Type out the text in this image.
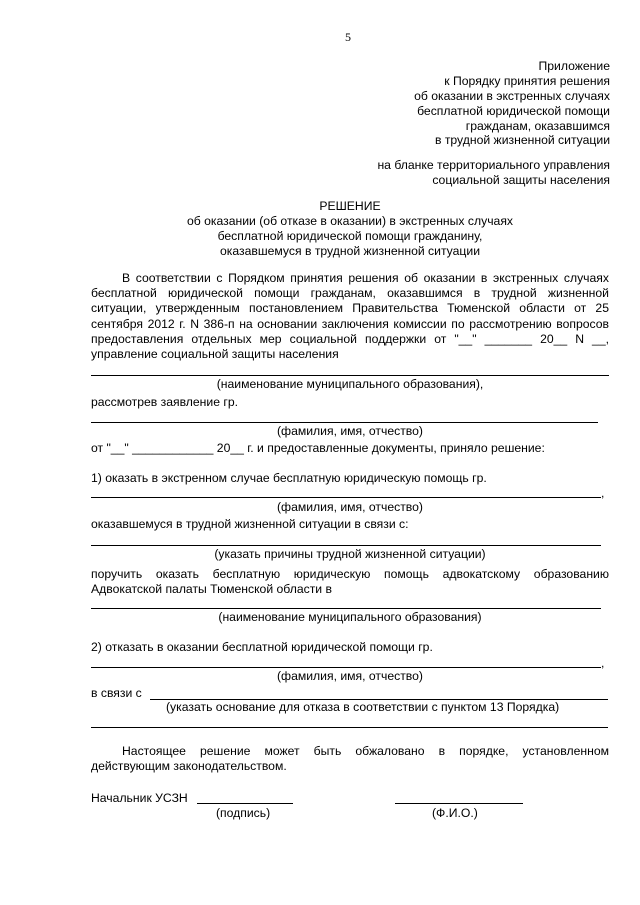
5
Приложение
к Порядку принятия решения
об оказании в экстренных случаях
бесплатной юридической помощи
гражданам, оказавшимся
в трудной жизненной ситуации
на бланке территориального управления
социальной защиты населения
РЕШЕНИЕ
об оказании (об отказе в оказании) в экстренных случаях
бесплатной юридической помощи гражданину,
оказавшемуся в трудной жизненной ситуации
В соответствии с Порядком принятия решения об оказании в экстренных случаях бесплатной юридической помощи гражданам, оказавшимся в трудной жизненной ситуации, утвержденным постановлением Правительства Тюменской области от 25 сентября 2012 г. N 386-п на основании заключения комиссии по рассмотрению вопросов предоставления отдельных мер социальной поддержки от "__" _______ 20__ N __, управление социальной защиты населения
(наименование муниципального образования),
рассмотрев заявление гр.
(фамилия, имя, отчество)
от "__" ____________ 20__ г. и предоставленные документы, приняло решение:
1) оказать в экстренном случае бесплатную юридическую помощь гр.
,
(фамилия, имя, отчество)
оказавшемуся в трудной жизненной ситуации в связи с:
(указать причины трудной жизненной ситуации)
поручить оказать бесплатную юридическую помощь адвокатскому образованию Адвокатской палаты Тюменской области в
(наименование муниципального образования)
2) отказать в оказании бесплатной юридической помощи гр.
,
(фамилия, имя, отчество)
в связи с
(указать основание для отказа в соответствии с пунктом 13 Порядка)
Настоящее решение может быть обжаловано в порядке, установленном действующим законодательством.
Начальник УСЗН
(подпись)	(Ф.И.О.)
